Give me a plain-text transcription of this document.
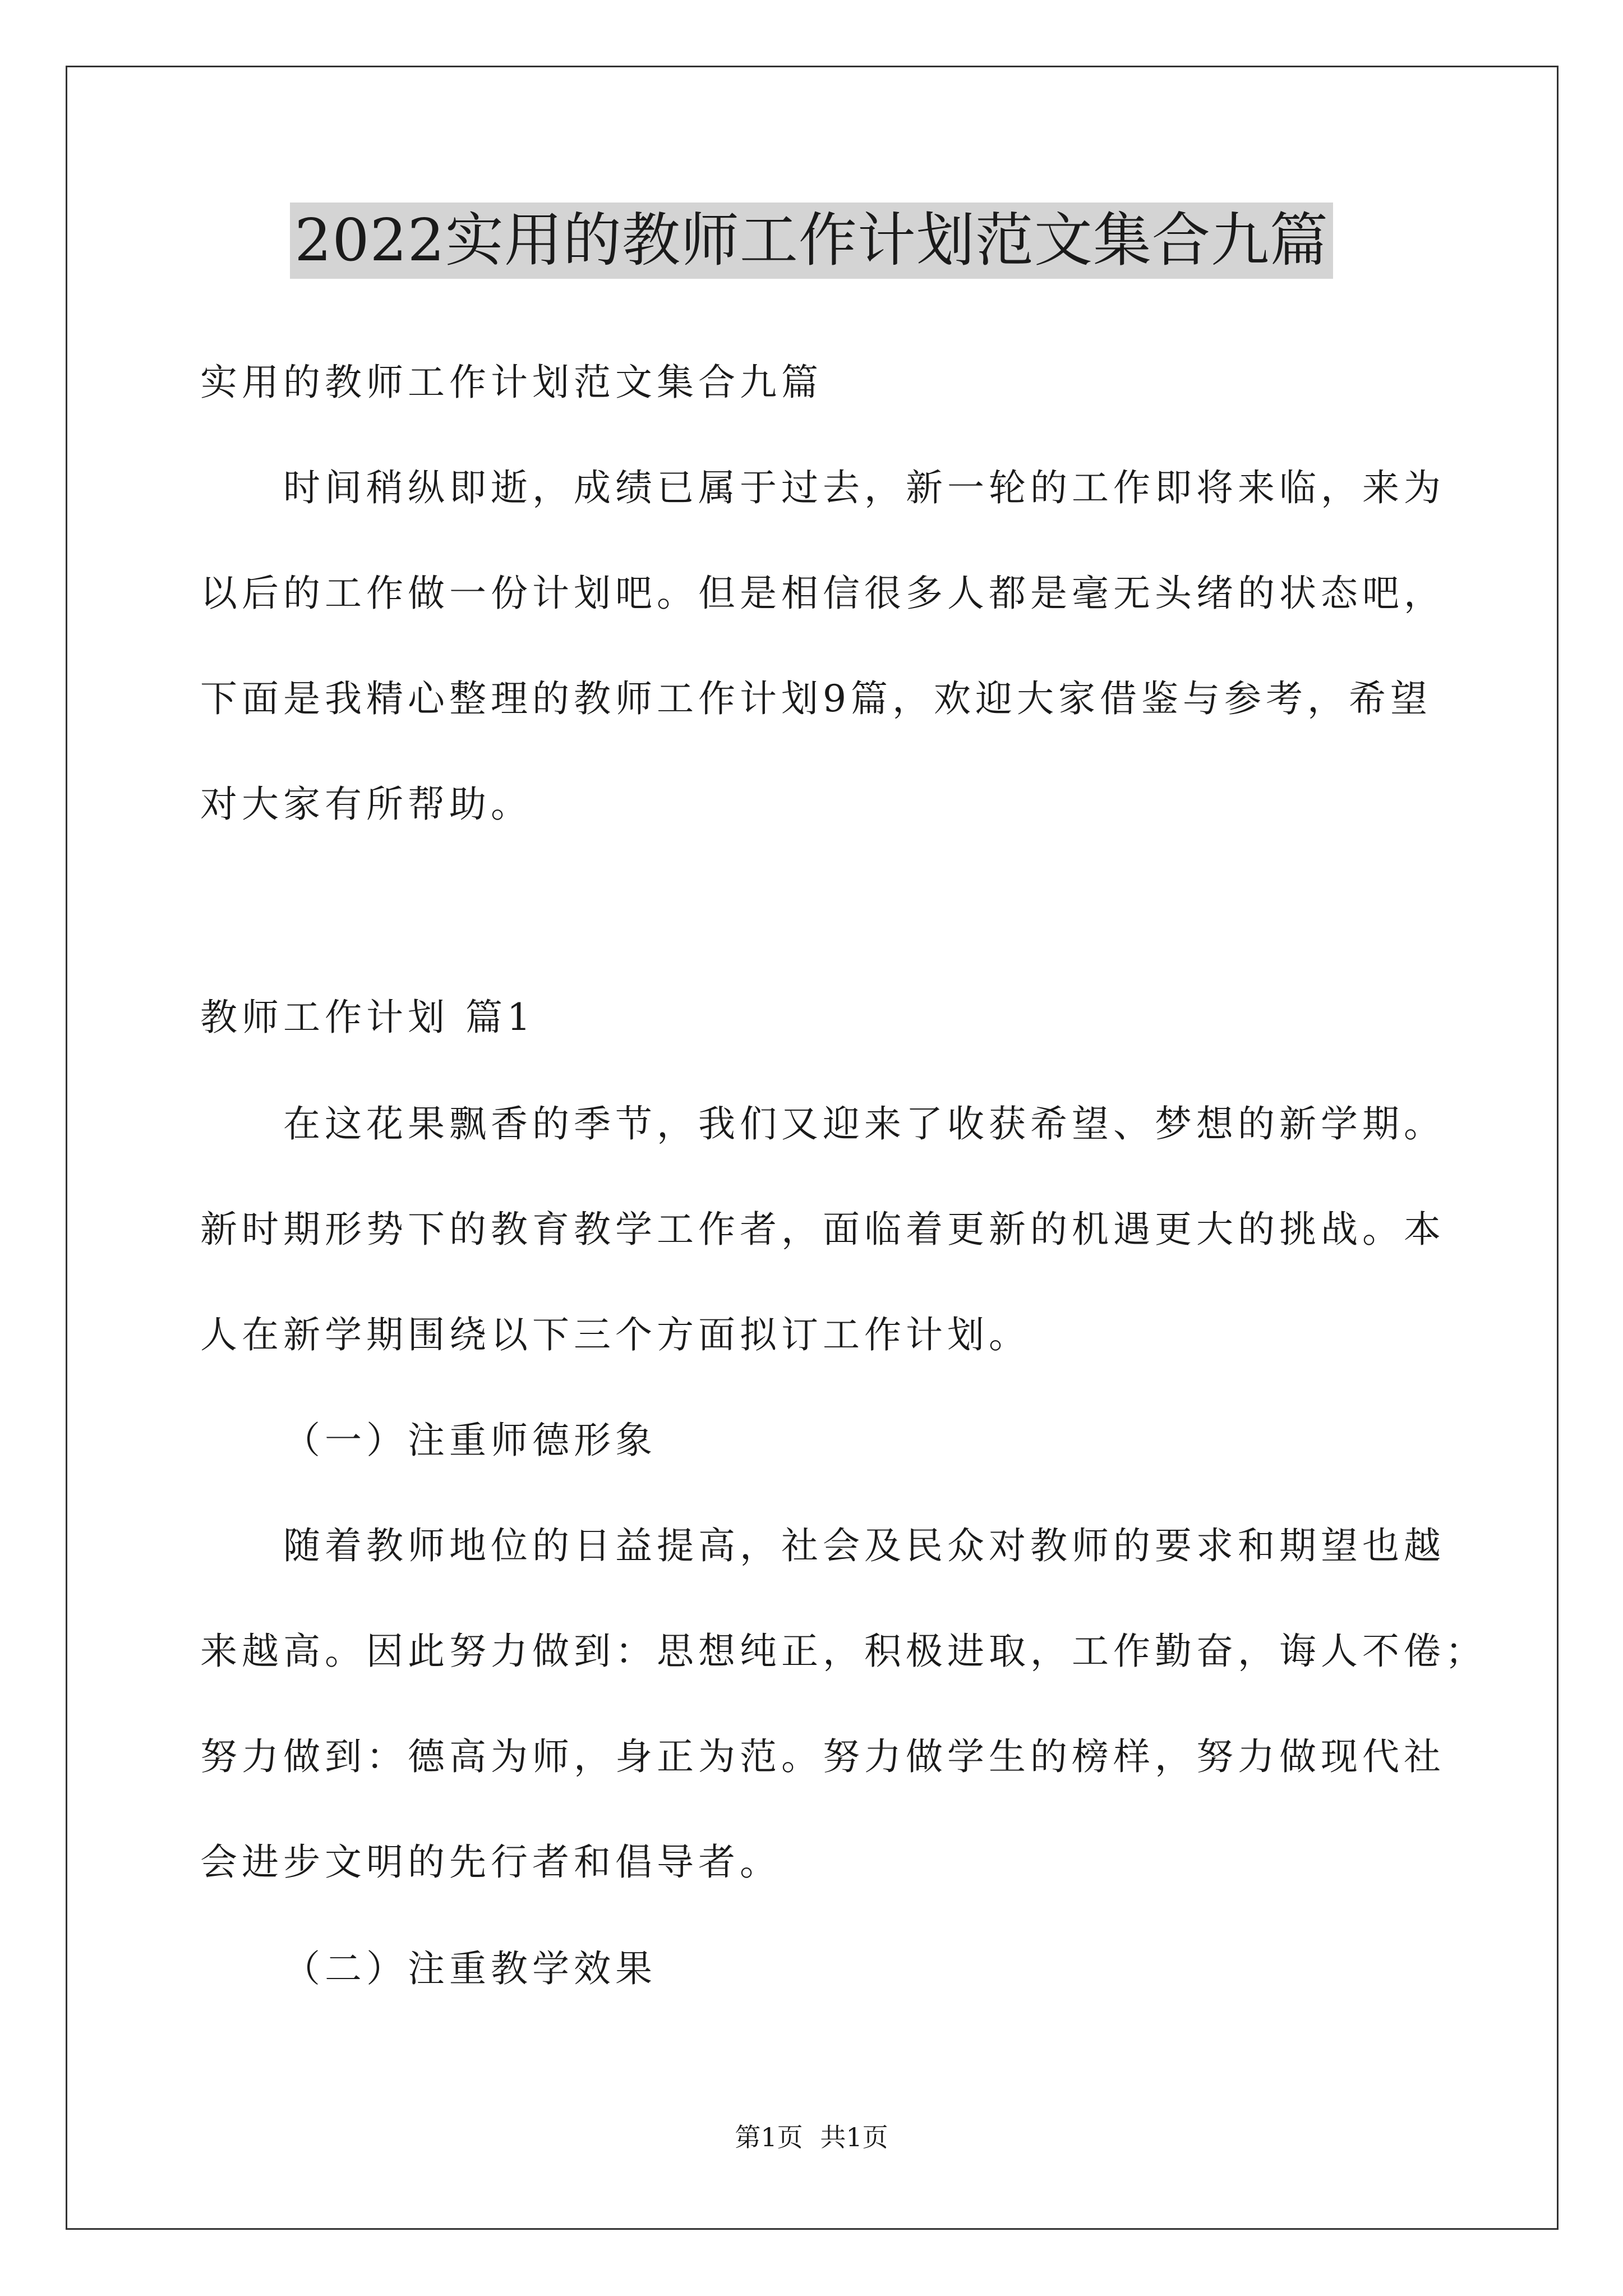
2022实用的教师工作计划范文集合九篇
实用的教师工作计划范文集合九篇
时间稍纵即逝，成绩已属于过去，新一轮的工作即将来临，来为
以后的工作做一份计划吧。但是相信很多人都是毫无头绪的状态吧，
下面是我精心整理的教师工作计划9篇，欢迎大家借鉴与参考，希望
对大家有所帮助。
教师工作计划 篇1
在这花果飘香的季节，我们又迎来了收获希望、梦想的新学期。
新时期形势下的教育教学工作者，面临着更新的机遇更大的挑战。本
人在新学期围绕以下三个方面拟订工作计划。
（一）注重师德形象
随着教师地位的日益提高，社会及民众对教师的要求和期望也越
来越高。因此努力做到：思想纯正，积极进取，工作勤奋，诲人不倦；
努力做到：德高为师，身正为范。努力做学生的榜样，努力做现代社
会进步文明的先行者和倡导者。
（二）注重教学效果
第1页 共1页
